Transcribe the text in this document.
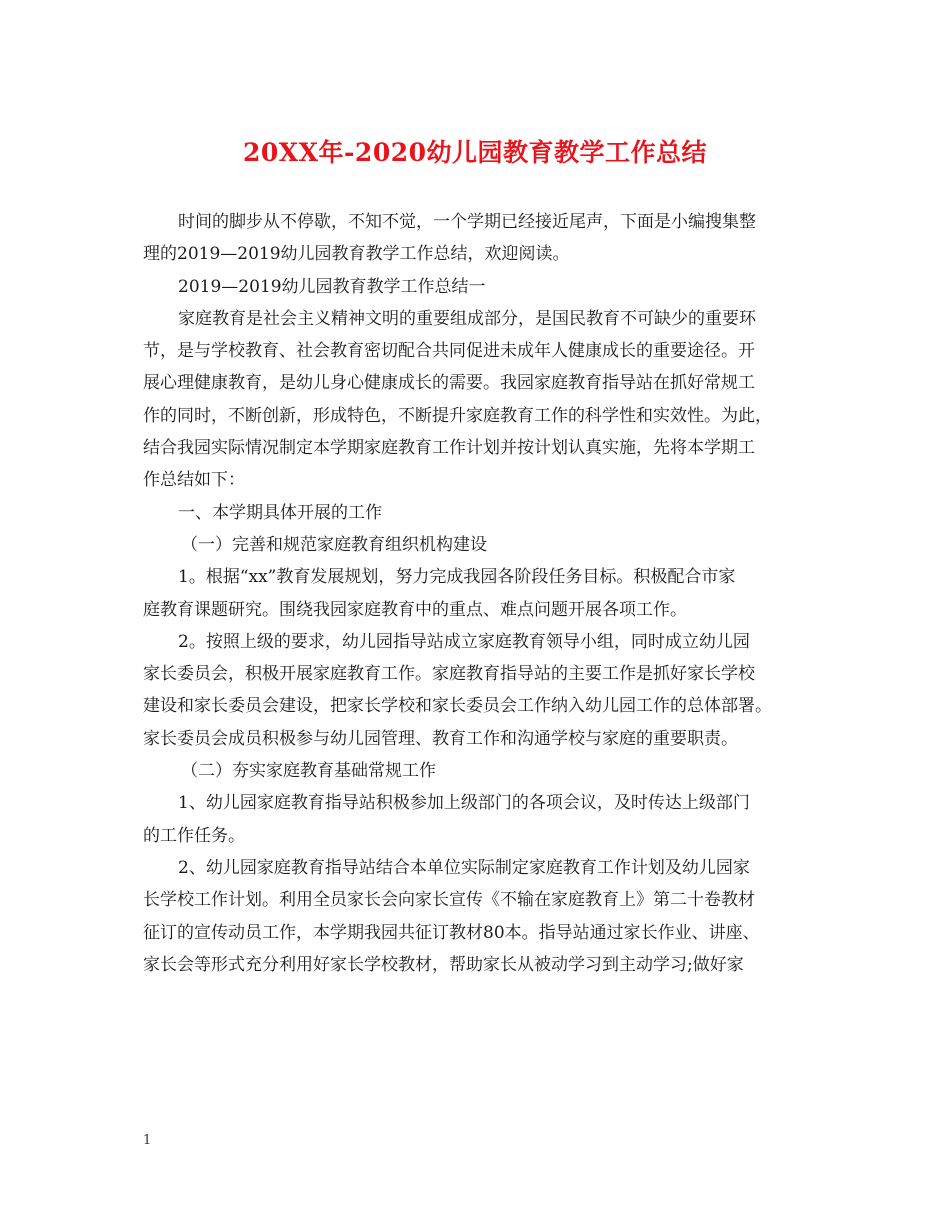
20XX年-2020幼儿园教育教学工作总结
时间的脚步从不停歇，不知不觉，一个学期已经接近尾声，下面是小编搜集整
理的2019—2019幼儿园教育教学工作总结，欢迎阅读。
2019—2019幼儿园教育教学工作总结一
家庭教育是社会主义精神文明的重要组成部分，是国民教育不可缺少的重要环
节，是与学校教育、社会教育密切配合共同促进未成年人健康成长的重要途径。开
展心理健康教育，是幼儿身心健康成长的需要。我园家庭教育指导站在抓好常规工
作的同时，不断创新，形成特色，不断提升家庭教育工作的科学性和实效性。为此，
结合我园实际情况制定本学期家庭教育工作计划并按计划认真实施，先将本学期工
作总结如下：
一、本学期具体开展的工作
（一）完善和规范家庭教育组织机构建设
1。根据“xx”教育发展规划，努力完成我园各阶段任务目标。积极配合市家
庭教育课题研究。围绕我园家庭教育中的重点、难点问题开展各项工作。
2。按照上级的要求，幼儿园指导站成立家庭教育领导小组，同时成立幼儿园
家长委员会，积极开展家庭教育工作。家庭教育指导站的主要工作是抓好家长学校
建设和家长委员会建设，把家长学校和家长委员会工作纳入幼儿园工作的总体部署。
家长委员会成员积极参与幼儿园管理、教育工作和沟通学校与家庭的重要职责。
（二）夯实家庭教育基础常规工作
1、幼儿园家庭教育指导站积极参加上级部门的各项会议，及时传达上级部门
的工作任务。
2、幼儿园家庭教育指导站结合本单位实际制定家庭教育工作计划及幼儿园家
长学校工作计划。利用全员家长会向家长宣传《不输在家庭教育上》第二十卷教材
征订的宣传动员工作，本学期我园共征订教材80本。指导站通过家长作业、讲座、
家长会等形式充分利用好家长学校教材，帮助家长从被动学习到主动学习;做好家
1
